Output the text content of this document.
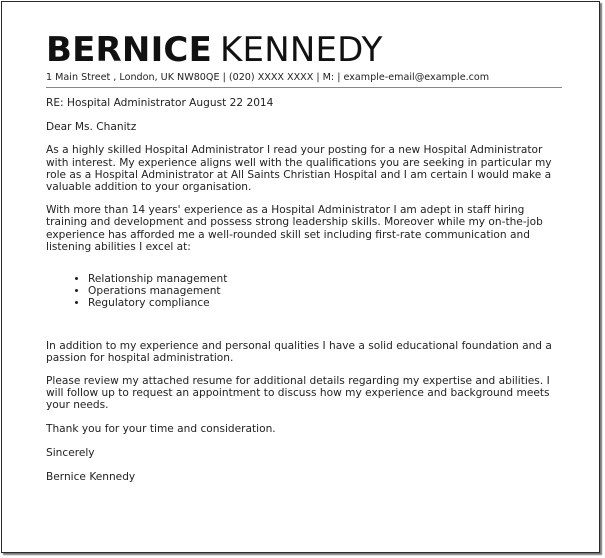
BERNICE KENNEDY
1 Main Street , London, UK NW80QE | (020) XXXX XXXX | M: | example-email@example.com
RE: Hospital Administrator August 22 2014
Dear Ms. Chanitz

As a highly skilled Hospital Administrator I read your posting for a new Hospital Administrator with interest. My experience aligns well with the qualifications you are seeking in particular my role as a Hospital Administrator at All Saints Christian Hospital and I am certain I would make a valuable addition to your organisation.

With more than 14 years' experience as a Hospital Administrator I am adept in staff hiring training and development and possess strong leadership skills. Moreover while my on-the-job experience has afforded me a well-rounded skill set including first-rate communication and listening abilities I excel at:

• Relationship management
• Operations management
• Regulatory compliance

In addition to my experience and personal qualities I have a solid educational foundation and a passion for hospital administration.

Please review my attached resume for additional details regarding my expertise and abilities. I will follow up to request an appointment to discuss how my experience and background meets your needs.

Thank you for your time and consideration.

Sincerely
Bernice Kennedy
